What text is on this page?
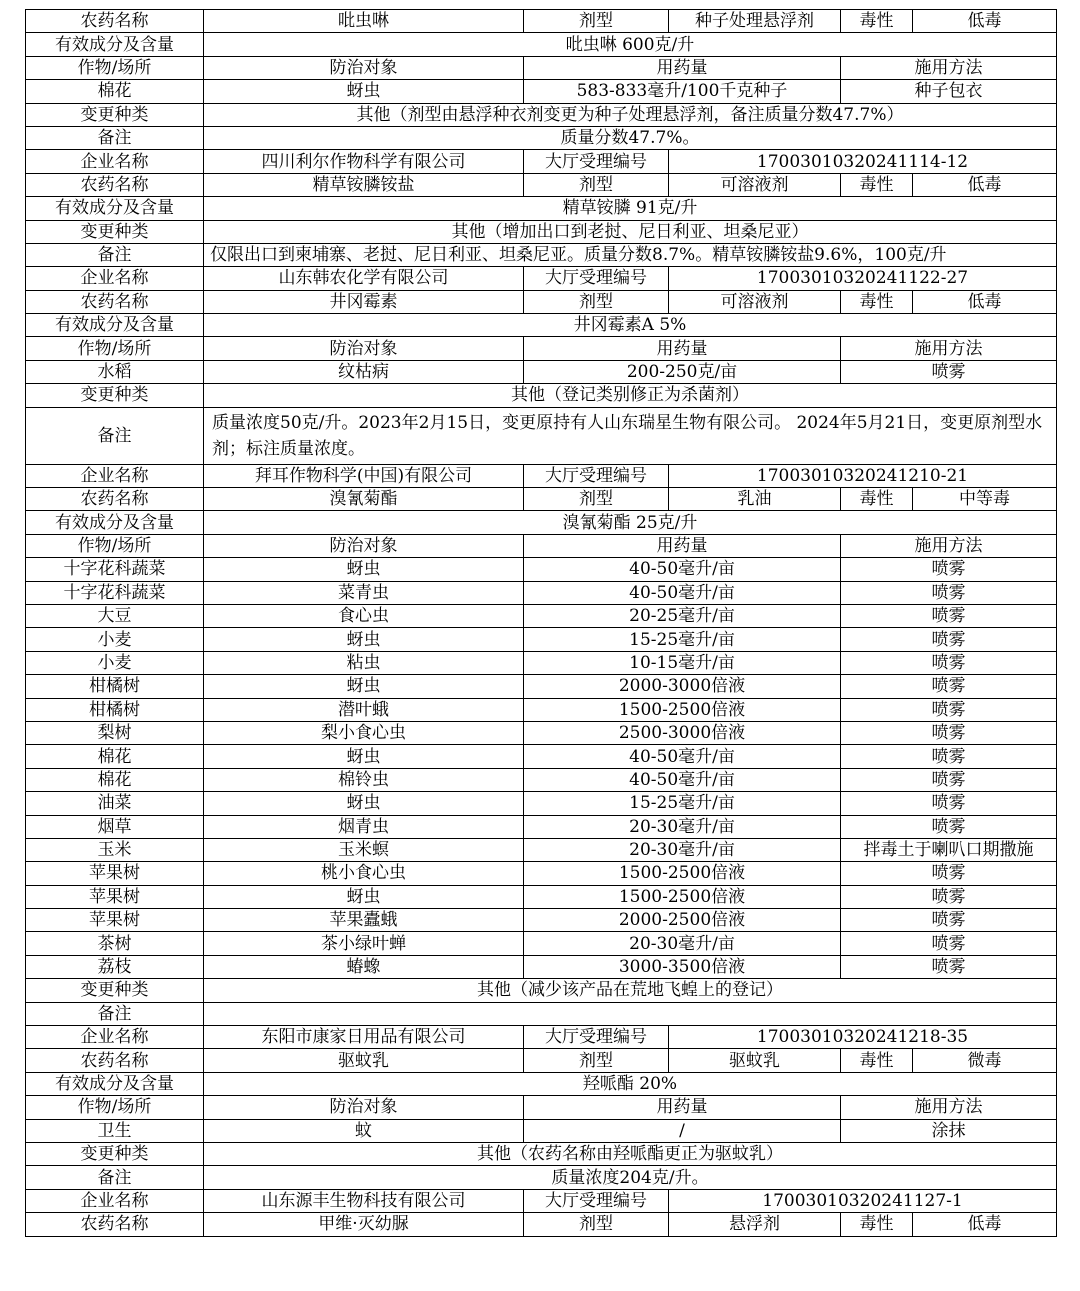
农药名称	吡虫啉	剂型	种子处理悬浮剂	毒性	低毒
有效成分及含量	吡虫啉 600克/升				
作物/场所	防治对象	用药量		施用方法	
棉花	蚜虫	583-833毫升/100千克种子		种子包衣	
变更种类	其他（剂型由悬浮种衣剂变更为种子处理悬浮剂，备注质量分数47.7%）				
备注	质量分数47.7%。				
企业名称	四川利尔作物科学有限公司	大厅受理编号	17003010320241114-12		
农药名称	精草铵膦铵盐	剂型	可溶液剂	毒性	低毒
有效成分及含量	精草铵膦 91克/升				
变更种类	其他（增加出口到老挝、尼日利亚、坦桑尼亚）				
备注	仅限出口到柬埔寨、老挝、尼日利亚、坦桑尼亚。质量分数8.7%。精草铵膦铵盐9.6%，100克/升				
企业名称	山东韩农化学有限公司	大厅受理编号	17003010320241122-27		
农药名称	井冈霉素	剂型	可溶液剂	毒性	低毒
有效成分及含量	井冈霉素A 5%				
作物/场所	防治对象	用药量		施用方法	
水稻	纹枯病	200-250克/亩		喷雾	
变更种类	其他（登记类别修正为杀菌剂）				
备注	质量浓度50克/升。2023年2月15日，变更原持有人山东瑞星生物有限公司。 2024年5月21日，变更原剂型水剂；标注质量浓度。				
企业名称	拜耳作物科学(中国)有限公司	大厅受理编号	17003010320241210-21		
农药名称	溴氰菊酯	剂型	乳油	毒性	中等毒
有效成分及含量	溴氰菊酯 25克/升				
作物/场所	防治对象	用药量		施用方法	
十字花科蔬菜	蚜虫	40-50毫升/亩		喷雾	
十字花科蔬菜	菜青虫	40-50毫升/亩		喷雾	
大豆	食心虫	20-25毫升/亩		喷雾	
小麦	蚜虫	15-25毫升/亩		喷雾	
小麦	粘虫	10-15毫升/亩		喷雾	
柑橘树	蚜虫	2000-3000倍液		喷雾	
柑橘树	潜叶蛾	1500-2500倍液		喷雾	
梨树	梨小食心虫	2500-3000倍液		喷雾	
棉花	蚜虫	40-50毫升/亩		喷雾	
棉花	棉铃虫	40-50毫升/亩		喷雾	
油菜	蚜虫	15-25毫升/亩		喷雾	
烟草	烟青虫	20-30毫升/亩		喷雾	
玉米	玉米螟	20-30毫升/亩		拌毒土于喇叭口期撒施	
苹果树	桃小食心虫	1500-2500倍液		喷雾	
苹果树	蚜虫	1500-2500倍液		喷雾	
苹果树	苹果蠹蛾	2000-2500倍液		喷雾	
茶树	茶小绿叶蝉	20-30毫升/亩		喷雾	
荔枝	蝽蟓	3000-3500倍液		喷雾	
变更种类	其他（减少该产品在荒地飞蝗上的登记）				
备注					
企业名称	东阳市康家日用品有限公司	大厅受理编号	17003010320241218-35		
农药名称	驱蚊乳	剂型	驱蚊乳	毒性	微毒
有效成分及含量	羟哌酯 20%				
作物/场所	防治对象	用药量		施用方法	
卫生	蚊	/		涂抹	
变更种类	其他（农药名称由羟哌酯更正为驱蚊乳）				
备注	质量浓度204克/升。				
企业名称	山东源丰生物科技有限公司	大厅受理编号	17003010320241127-1		
农药名称	甲维·灭幼脲	剂型	悬浮剂	毒性	低毒
